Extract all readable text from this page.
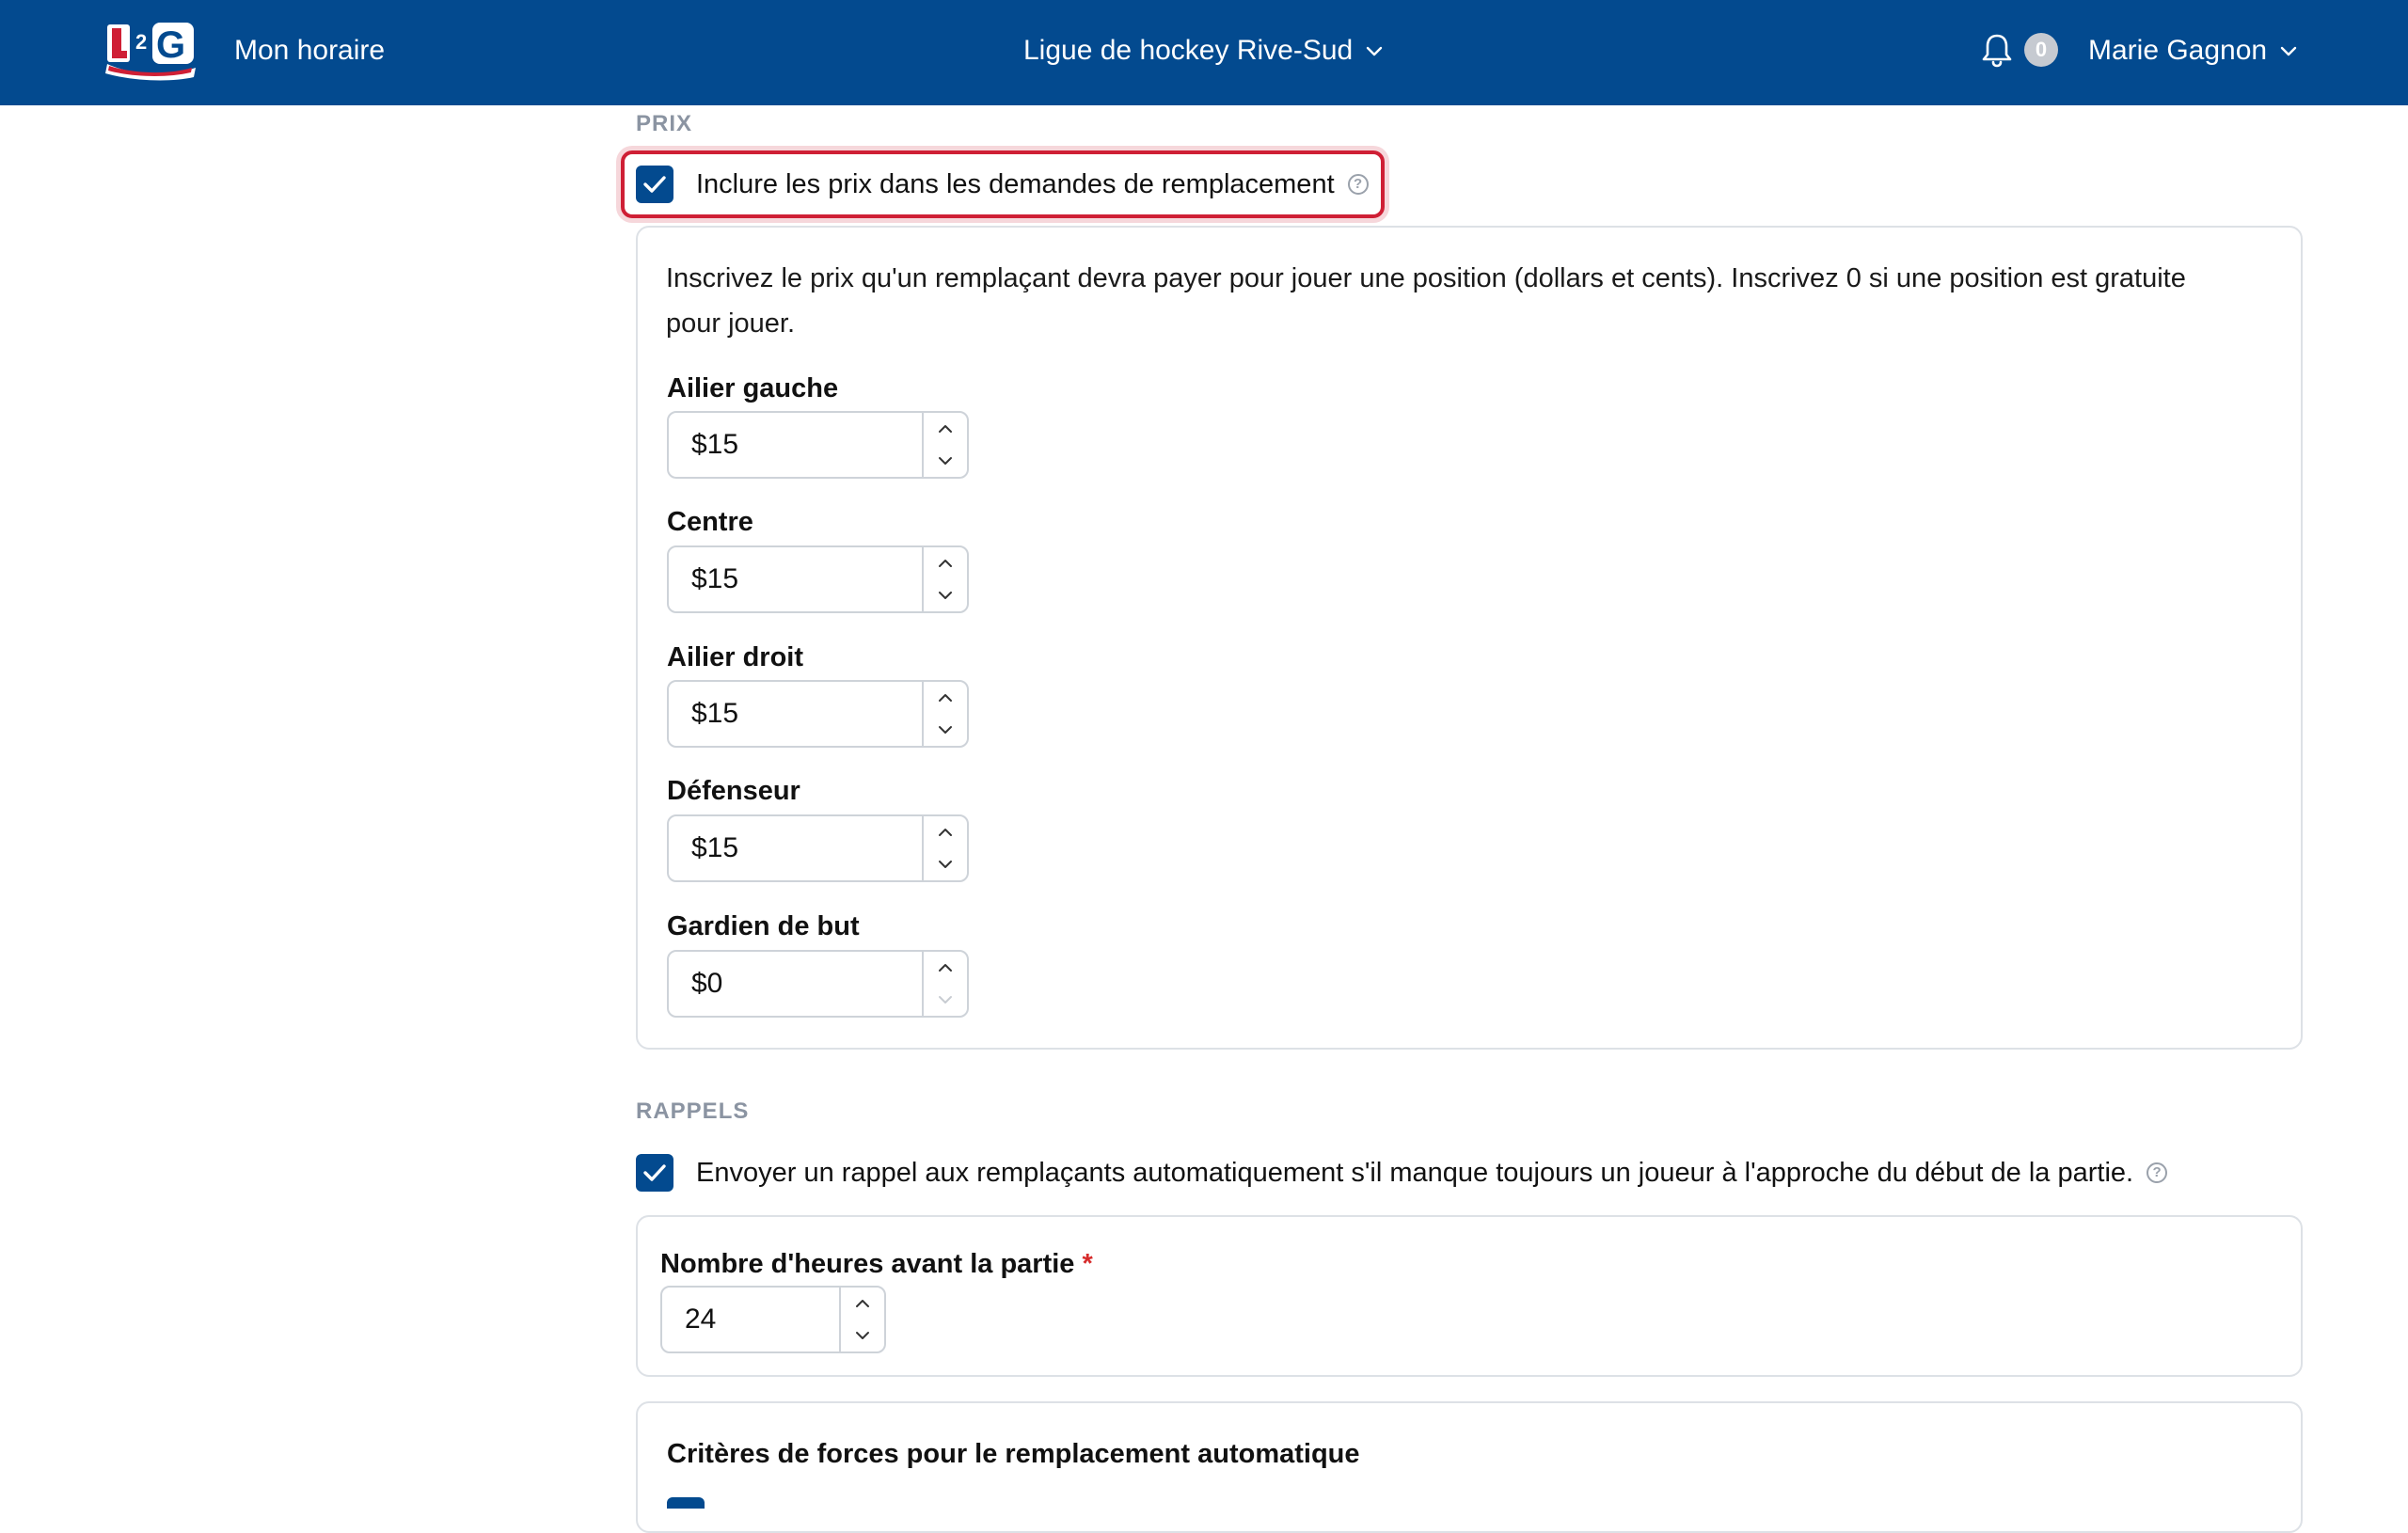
2 G Mon horaire	Ligue de hockey Rive-Sud	0	Marie Gagnon
PRIX
Inclure les prix dans les demandes de remplacement	?
Inscrivez le prix qu'un remplaçant devra payer pour jouer une position (dollars et cents). Inscrivez 0 si une position est gratuite pour jouer.
Ailier gauche
$15
Centre
$15
Ailier droit
$15
Défenseur
$15
Gardien de but
$0
RAPPELS
Envoyer un rappel aux remplaçants automatiquement s'il manque toujours un joueur à l'approche du début de la partie.	?
Nombre d'heures avant la partie *
24
Critères de forces pour le remplacement automatique
